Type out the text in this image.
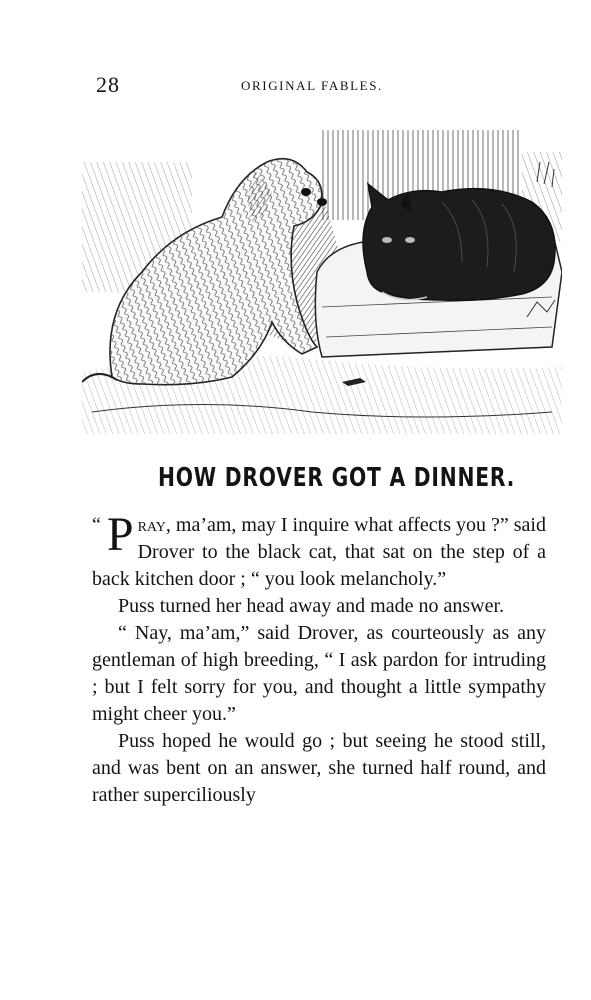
28	ORIGINAL FABLES.
HOW DROVER GOT A DINNER.

“ P ray, ma’am, may I inquire what affects you ?” said Drover to the black cat, that sat on the step of a back kitchen door ; “ you look melancholy.”

Puss turned her head away and made no answer.

“ Nay, ma’am,” said Drover, as courteously as any gentleman of high breeding, “ I ask pardon for intruding ; but I felt sorry for you, and thought a little sympathy might cheer you.”

Puss hoped he would go ; but seeing he stood still, and was bent on an answer, she turned half round, and rather superciliously
